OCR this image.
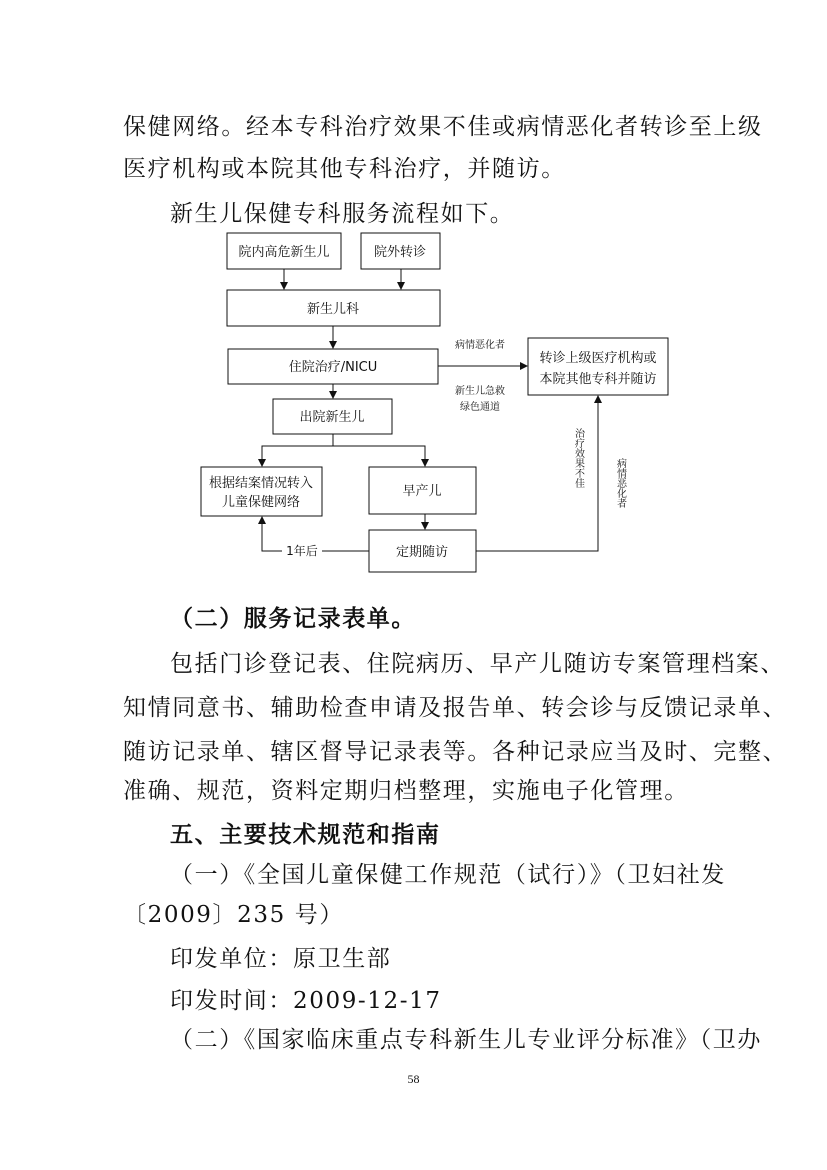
保健网络。经本专科治疗效果不佳或病情恶化者转诊至上级
医疗机构或本院其他专科治疗，并随访。
新生儿保健专科服务流程如下。
院内高危新生儿	院外转诊
新生儿科
住院治疗/NICU
转诊上级医疗机构或
本院其他专科并随访
出院新生儿
根据结案情况转入
儿童保健网络
早产儿
定期随访
1年后
病情恶化者
新生儿急救
绿色通道
治疗效果不佳	病情恶化者
（二）服务记录表单。
包括门诊登记表、住院病历、早产儿随访专案管理档案、
知情同意书、辅助检查申请及报告单、转会诊与反馈记录单、
随访记录单、辖区督导记录表等。各种记录应当及时、完整、
准确、规范，资料定期归档整理，实施电子化管理。
五、主要技术规范和指南
（一）《全国儿童保健工作规范（试行）》（卫妇社发
〔2009〕235 号）
印发单位：原卫生部
印发时间：2009-12-17
（二）《国家临床重点专科新生儿专业评分标准》（卫办
58
